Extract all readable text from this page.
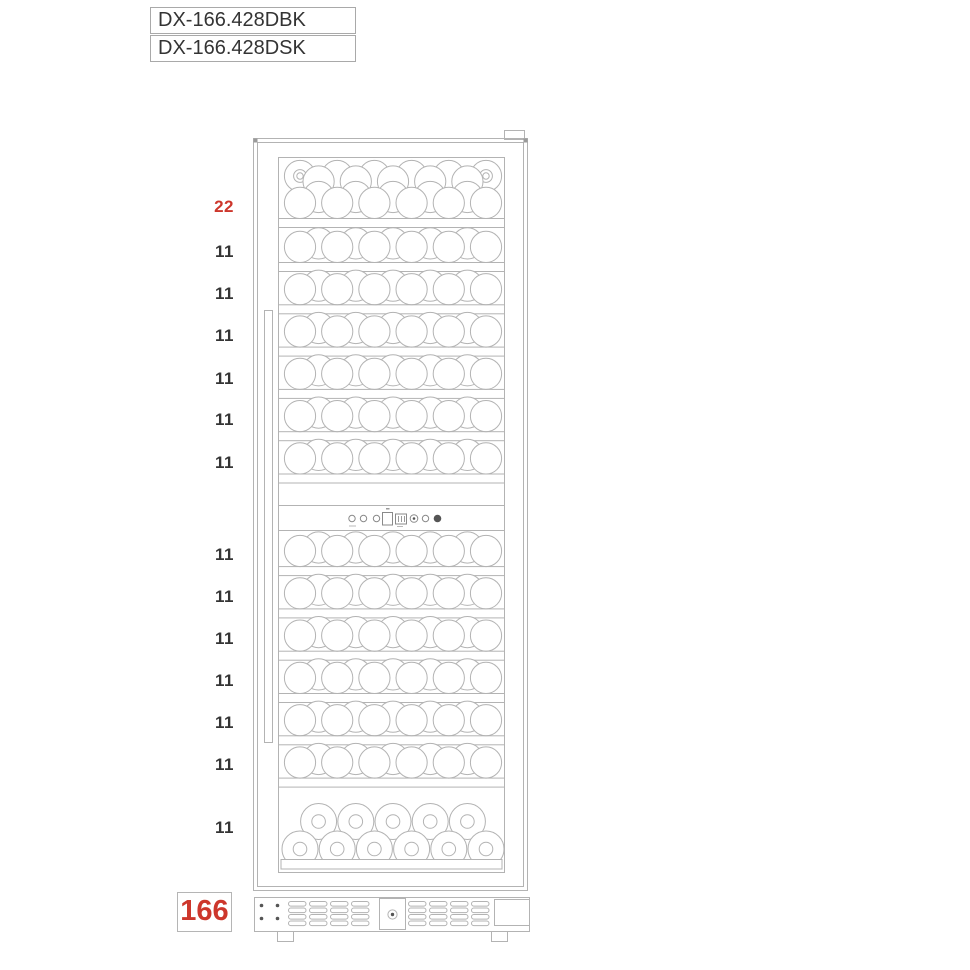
DX-166.428DBK
DX-166.428DSK
22
11
11
11
11
11
11
11
11
11
11
11
11
11
166
